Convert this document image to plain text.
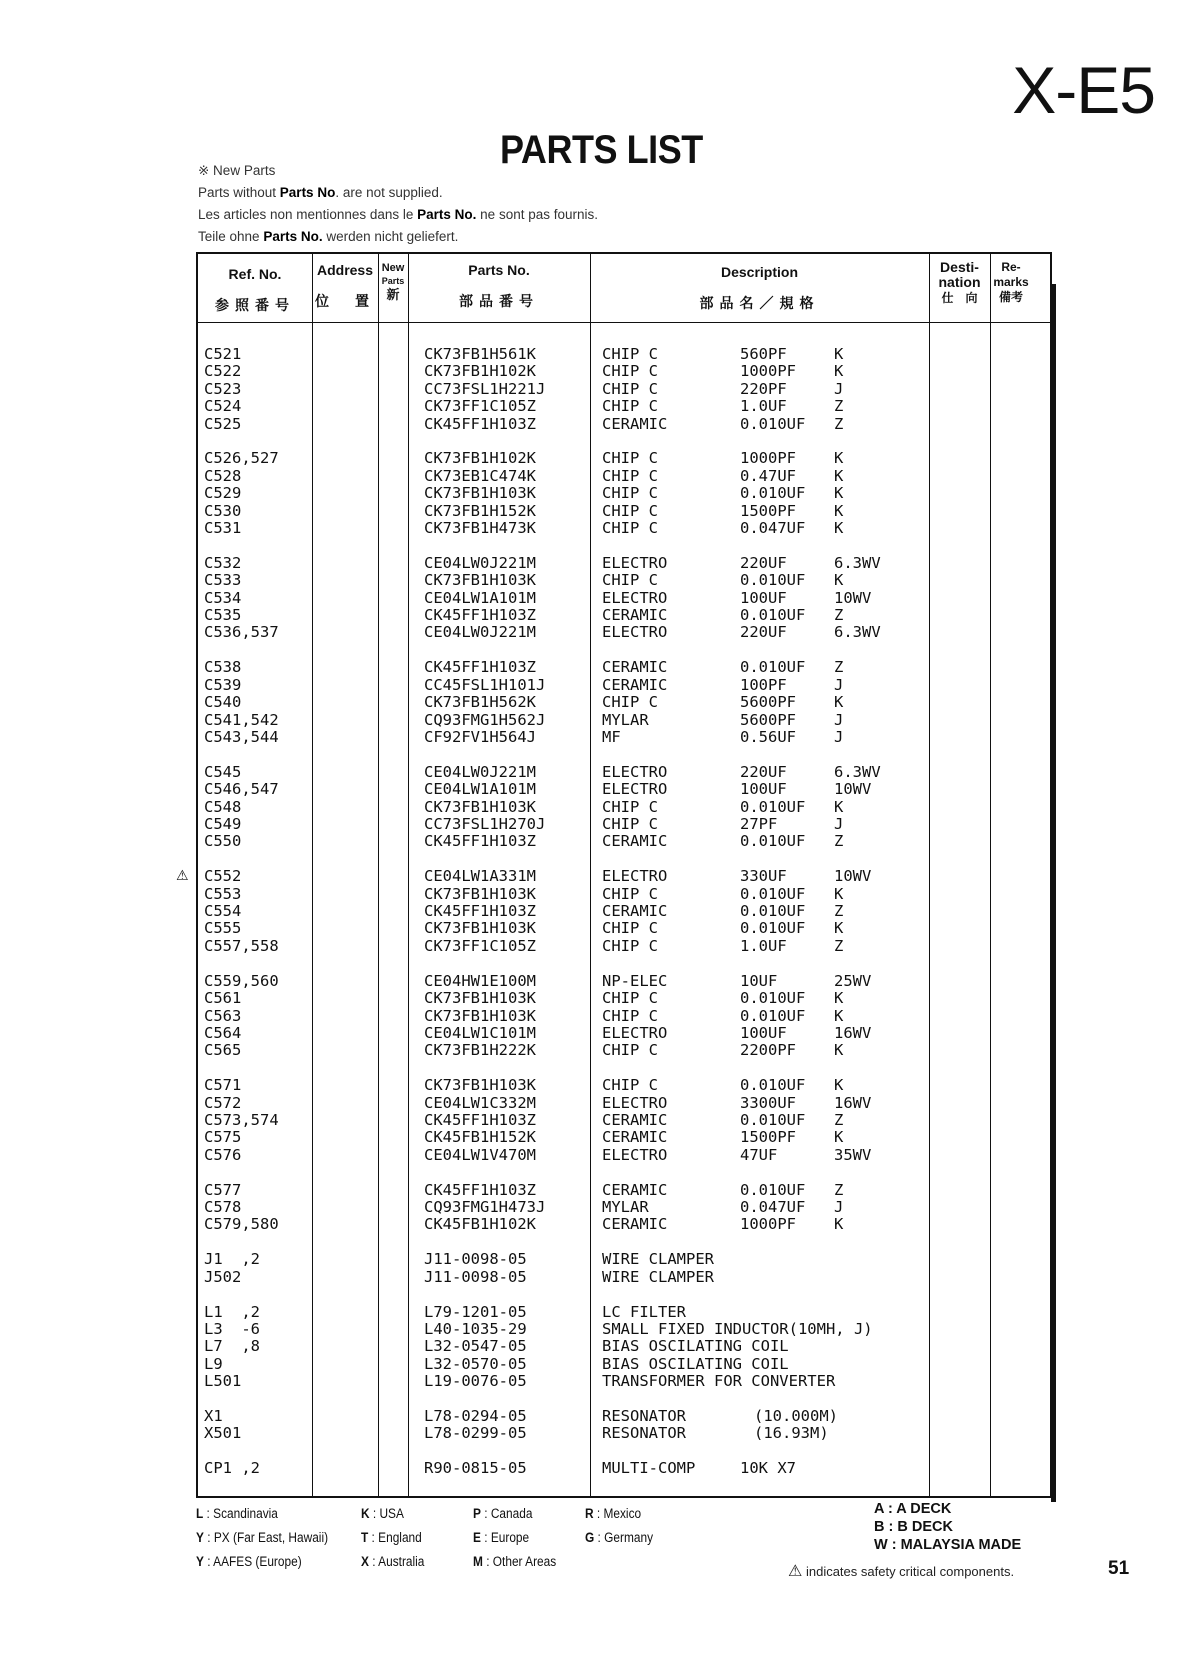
X-E5
PARTS LIST
※ New Parts
Parts without Parts No. are not supplied.
Les articles non mentionnes dans le Parts No. ne sont pas fournis.
Teile ohne Parts No. werden nicht geliefert.
Ref. No.
参照番号
Address
位　置
New
Parts
新
Parts No.
部品番号
Description
部品名／規格
Desti-
nation
仕　向
Re-
marks
備考
C521	CK73FB1H561K	CHIP C	560PF	K
C522	CK73FB1H102K	CHIP C	1000PF K
C523	CC73FSL1H221J	CHIP C	220PF	J
C524	CK73FF1C105Z	CHIP C	1.0UF	Z
C525	CK45FF1H103Z	CERAMIC	0.010UF Z
C526,527	CK73FB1H102K	CHIP C	1000PF K
C528	CK73EB1C474K	CHIP C	0.47UF K
C529	CK73FB1H103K	CHIP C	0.010UF K
C530	CK73FB1H152K	CHIP C	1500PF K
C531	CK73FB1H473K	CHIP C	0.047UF K
C532	CE04LW0J221M	ELECTRO	220UF	6.3WV
C533	CK73FB1H103K	CHIP C	0.010UF K
C534	CE04LW1A101M	ELECTRO	100UF	10WV
C535	CK45FF1H103Z	CERAMIC	0.010UF Z
C536,537	CE04LW0J221M	ELECTRO	220UF	6.3WV
C538	CK45FF1H103Z	CERAMIC	0.010UF Z
C539	CC45FSL1H101J	CERAMIC	100PF	J
C540	CK73FB1H562K	CHIP C	5600PF K
C541,542	CQ93FMG1H562J	MYLAR	5600PF J
C543,544	CF92FV1H564J	MF	0.56UF J
C545	CE04LW0J221M	ELECTRO	220UF	6.3WV
C546,547	CE04LW1A101M	ELECTRO	100UF	10WV
C548	CK73FB1H103K	CHIP C	0.010UF K
C549	CC73FSL1H270J	CHIP C	27PF	J
C550	CK45FF1H103Z	CERAMIC	0.010UF Z
C552	CE04LW1A331M	ELECTRO	330UF	10WV
⚠
C553	CK73FB1H103K	CHIP C	0.010UF K
C554	CK45FF1H103Z	CERAMIC	0.010UF Z
C555	CK73FB1H103K	CHIP C	0.010UF K
C557,558	CK73FF1C105Z	CHIP C	1.0UF	Z
C559,560	CE04HW1E100M	NP-ELEC	10UF	25WV
C561	CK73FB1H103K	CHIP C	0.010UF K
C563	CK73FB1H103K	CHIP C	0.010UF K
C564	CE04LW1C101M	ELECTRO	100UF	16WV
C565	CK73FB1H222K	CHIP C	2200PF K
C571	CK73FB1H103K	CHIP C	0.010UF K
C572	CE04LW1C332M	ELECTRO	3300UF 16WV
C573,574	CK45FF1H103Z	CERAMIC	0.010UF Z
C575	CK45FB1H152K	CERAMIC	1500PF K
C576	CE04LW1V470M	ELECTRO	47UF	35WV
C577	CK45FF1H103Z	CERAMIC	0.010UF Z
C578	CQ93FMG1H473J	MYLAR	0.047UF J
C579,580	CK45FB1H102K	CERAMIC	1000PF K
J1  ,2	J11-0098-05	WIRE CLAMPER
J502	J11-0098-05	WIRE CLAMPER
L1  ,2	L79-1201-05	LC FILTER
L3  -6	L40-1035-29	SMALL FIXED INDUCTOR(10MH, J)
L7  ,8	L32-0547-05	BIAS OSCILATING COIL
L9	L32-0570-05	BIAS OSCILATING COIL
L501	L19-0076-05	TRANSFORMER FOR CONVERTER
X1	L78-0294-05	RESONATOR	(10.000M)
X501	L78-0299-05	RESONATOR	(16.93M)
CP1 ,2	R90-0815-05	MULTI-COMP	10K X7
L : Scandinavia
Y : PX (Far East, Hawaii)
Y : AAFES (Europe)
K : USA
T : England
X : Australia
P : Canada
E : Europe
M : Other Areas
R : Mexico
G : Germany
A : A DECK
B : B DECK
W : MALAYSIA MADE
⚠ indicates safety critical components.	51
